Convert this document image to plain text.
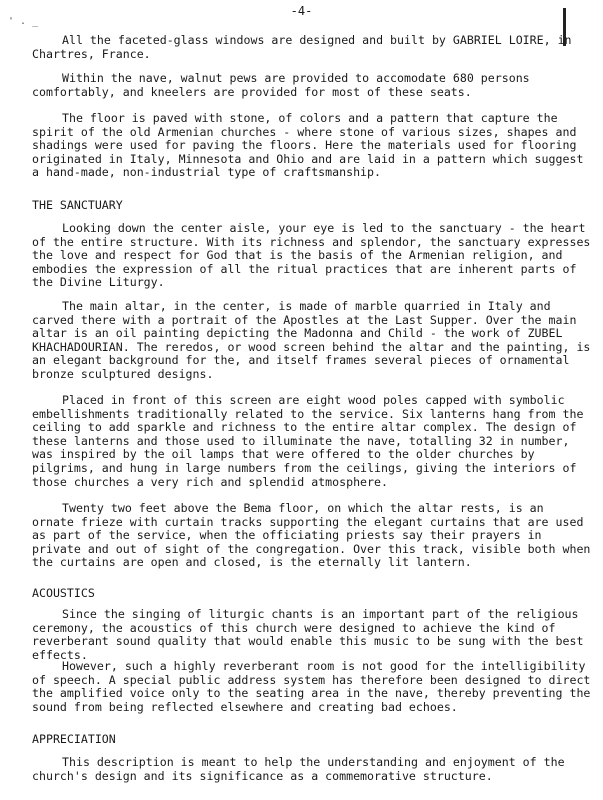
-4-
' . _

All the faceted-glass windows are designed and built by GABRIEL LOIRE, in Chartres, France.

Within the nave, walnut pews are provided to accomodate 680 persons comfortably, and kneelers are provided for most of these seats.

The floor is paved with stone, of colors and a pattern that capture the spirit of the old Armenian churches - where stone of various sizes, shapes and shadings were used for paving the floors. Here the materials used for flooring originated in Italy, Minnesota and Ohio and are laid in a pattern which suggest a hand-made, non-industrial type of craftsmanship.

THE SANCTUARY

Looking down the center aisle, your eye is led to the sanctuary - the heart of the entire structure. With its richness and splendor, the sanctuary expresses the love and respect for God that is the basis of the Armenian religion, and embodies the expression of all the ritual practices that are inherent parts of the Divine Liturgy.

The main altar, in the center, is made of marble quarried in Italy and carved there with a portrait of the Apostles at the Last Supper. Over the main altar is an oil painting depicting the Madonna and Child - the work of ZUBEL KHACHADOURIAN. The reredos, or wood screen behind the altar and the painting, is an elegant background for the, and itself frames several pieces of ornamental bronze sculptured designs.

Placed in front of this screen are eight wood poles capped with symbolic embellishments traditionally related to the service. Six lanterns hang from the ceiling to add sparkle and richness to the entire altar complex. The design of these lanterns and those used to illuminate the nave, totalling 32 in number, was inspired by the oil lamps that were offered to the older churches by pilgrims, and hung in large numbers from the ceilings, giving the interiors of those churches a very rich and splendid atmosphere.

Twenty two feet above the Bema floor, on which the altar rests, is an ornate frieze with curtain tracks supporting the elegant curtains that are used as part of the service, when the officiating priests say their prayers in private and out of sight of the congregation. Over this track, visible both when the curtains are open and closed, is the eternally lit lantern.

ACOUSTICS

Since the singing of liturgic chants is an important part of the religious ceremony, the acoustics of this church were designed to achieve the kind of reverberant sound quality that would enable this music to be sung with the best effects.

However, such a highly reverberant room is not good for the intelligibility of speech. A special public address system has therefore been designed to direct the amplified voice only to the seating area in the nave, thereby preventing the sound from being reflected elsewhere and creating bad echoes.

APPRECIATION

This description is meant to help the understanding and enjoyment of the church's design and its significance as a commemorative structure.
